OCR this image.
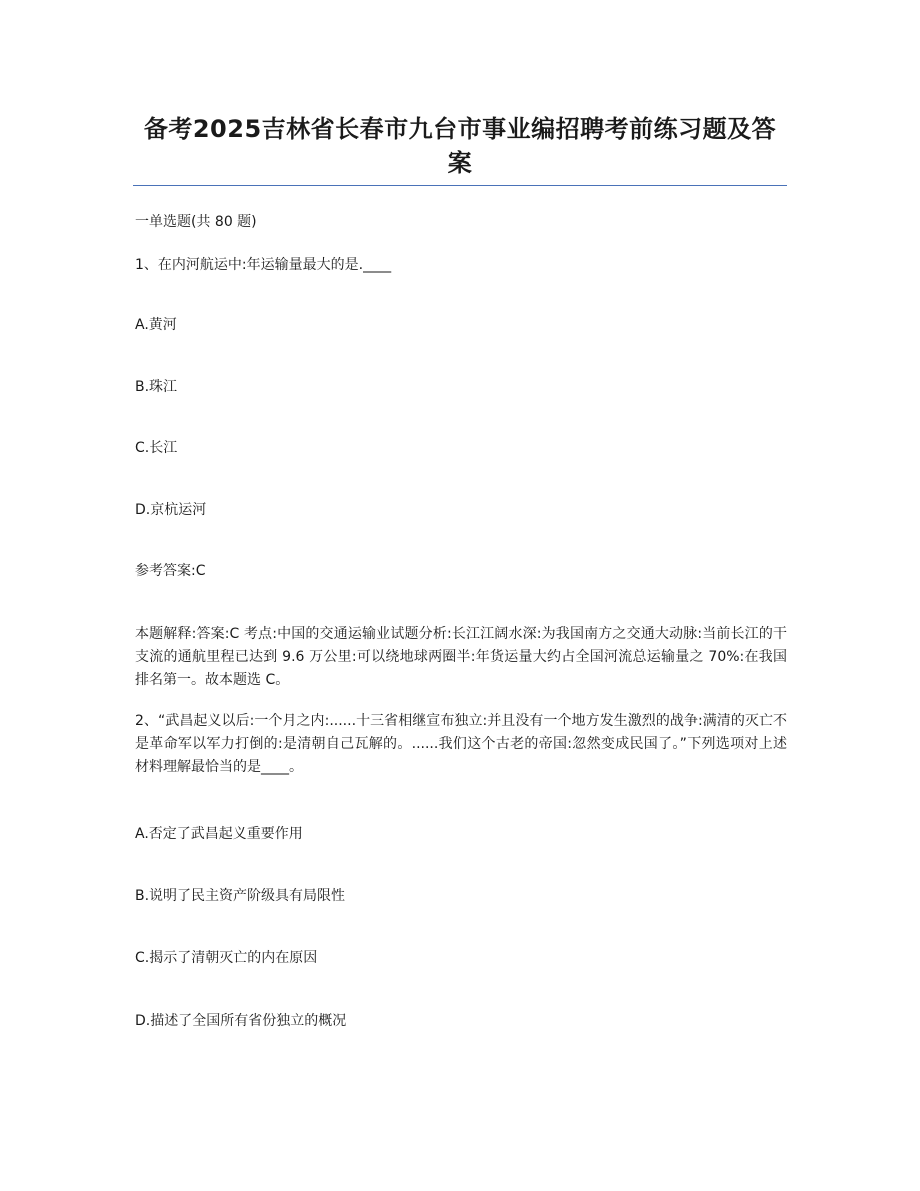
备考2025吉林省长春市九台市事业编招聘考前练习题及答案
一单选题(共 80 题)
1、在内河航运中:年运输量最大的是.____
A.黄河
B.珠江
C.长江
D.京杭运河
参考答案:C
本题解释:答案:C 考点:中国的交通运输业试题分析:长江江阔水深:为我国南方之交通大动脉:当前长江的干支流的通航里程已达到 9.6 万公里:可以绕地球两圈半:年货运量大约占全国河流总运输量之 70%:在我国排名第一。故本题选 C。
2、“武昌起义以后:一个月之内:......十三省相继宣布独立:并且没有一个地方发生激烈的战争:满清的灭亡不是革命军以军力打倒的:是清朝自己瓦解的。......我们这个古老的帝国:忽然变成民国了。”下列选项对上述材料理解最恰当的是____。
A.否定了武昌起义重要作用
B.说明了民主资产阶级具有局限性
C.揭示了清朝灭亡的内在原因
D.描述了全国所有省份独立的概况
